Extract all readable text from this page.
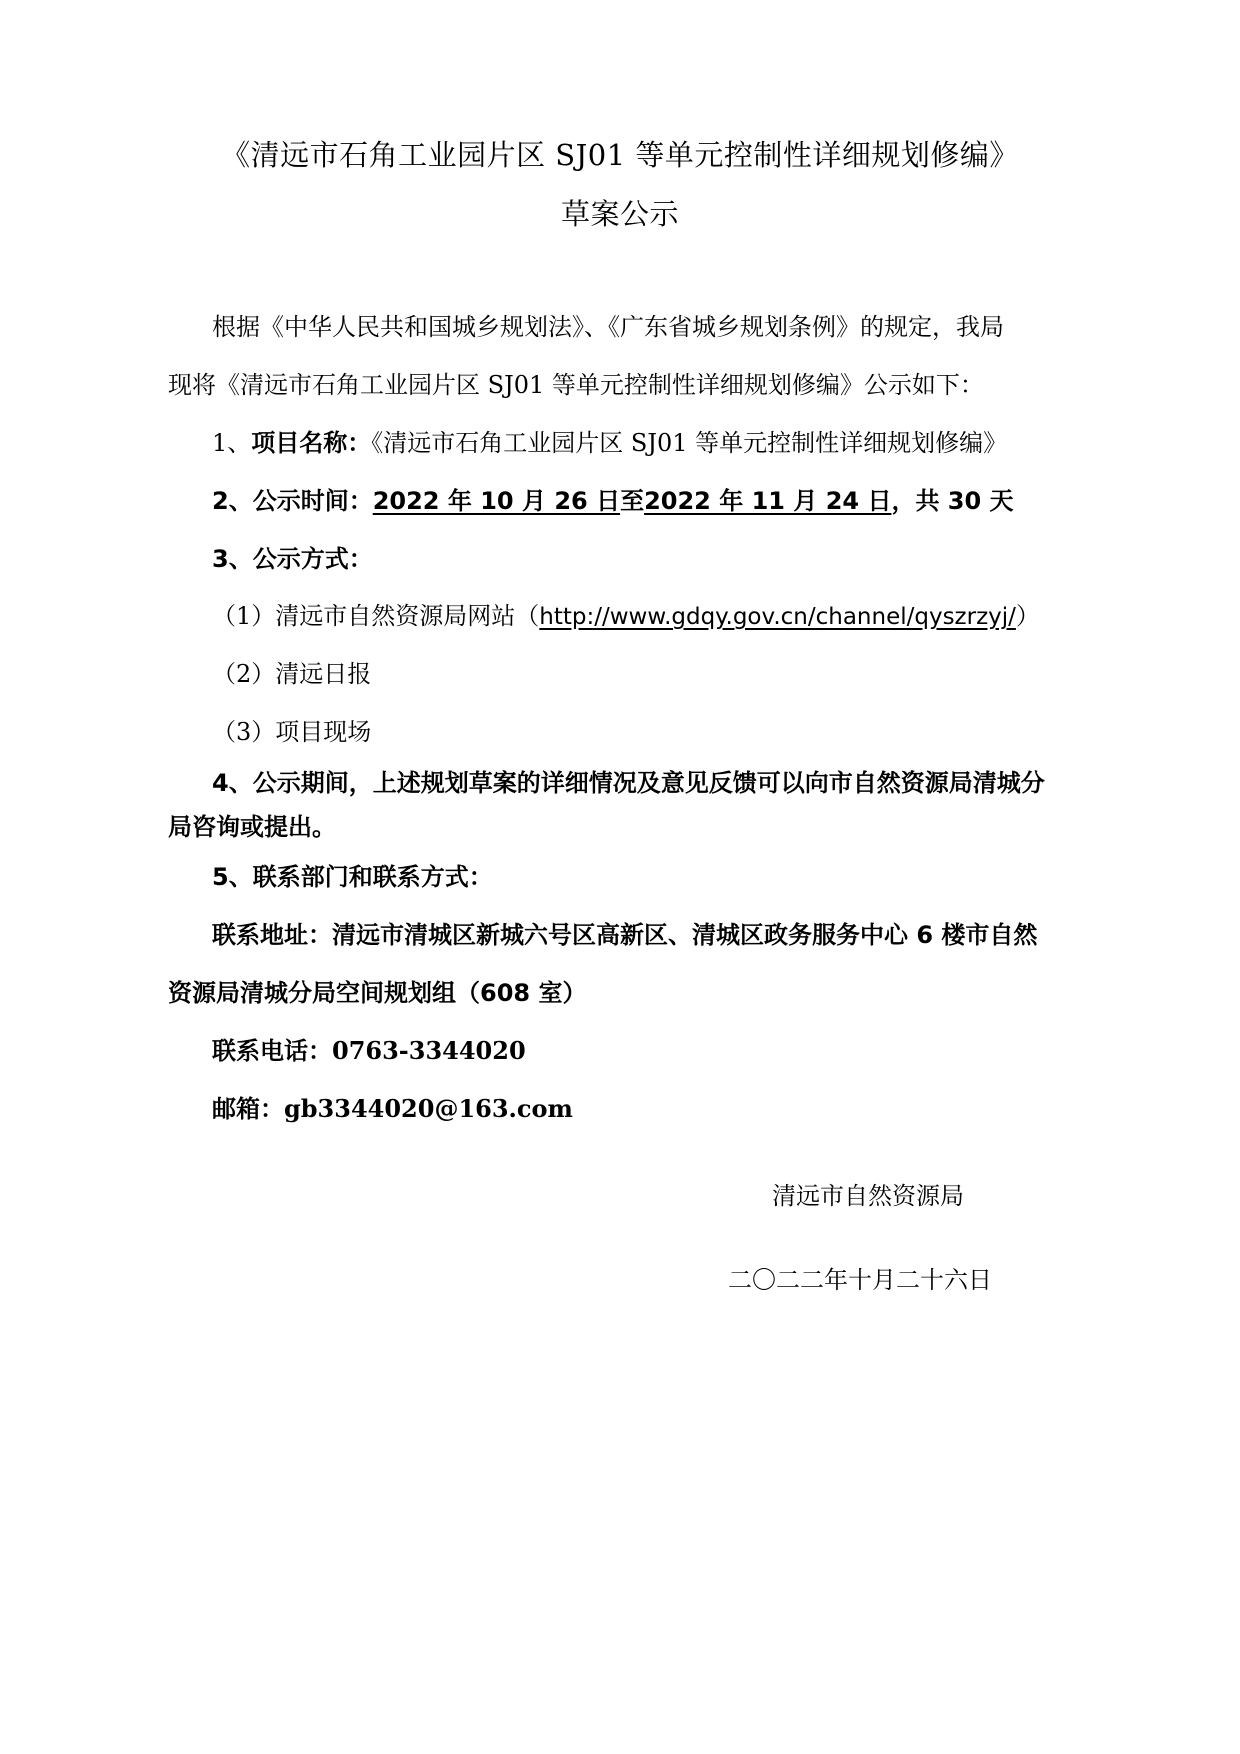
《清远市石角工业园片区 SJ01 等单元控制性详细规划修编》
草案公示
根据《中华人民共和国城乡规划法》、《广东省城乡规划条例》的规定，我局
现将《清远市石角工业园片区 SJ01 等单元控制性详细规划修编》公示如下：
1、项目名称：《清远市石角工业园片区 SJ01 等单元控制性详细规划修编》
2、公示时间：2022 年 10 月 26 日至2022 年 11 月 24 日，共 30 天
3、公示方式：
（1）清远市自然资源局网站（http://www.gdqy.gov.cn/channel/qyszrzyj/）
（2）清远日报
（3）项目现场
4、公示期间，上述规划草案的详细情况及意见反馈可以向市自然资源局清城分
局咨询或提出。
5、联系部门和联系方式：
联系地址：清远市清城区新城六号区高新区、清城区政务服务中心 6 楼市自然
资源局清城分局空间规划组（608 室）
联系电话：0763-3344020
邮箱：gb3344020@163.com
清远市自然资源局
二〇二二年十月二十六日
